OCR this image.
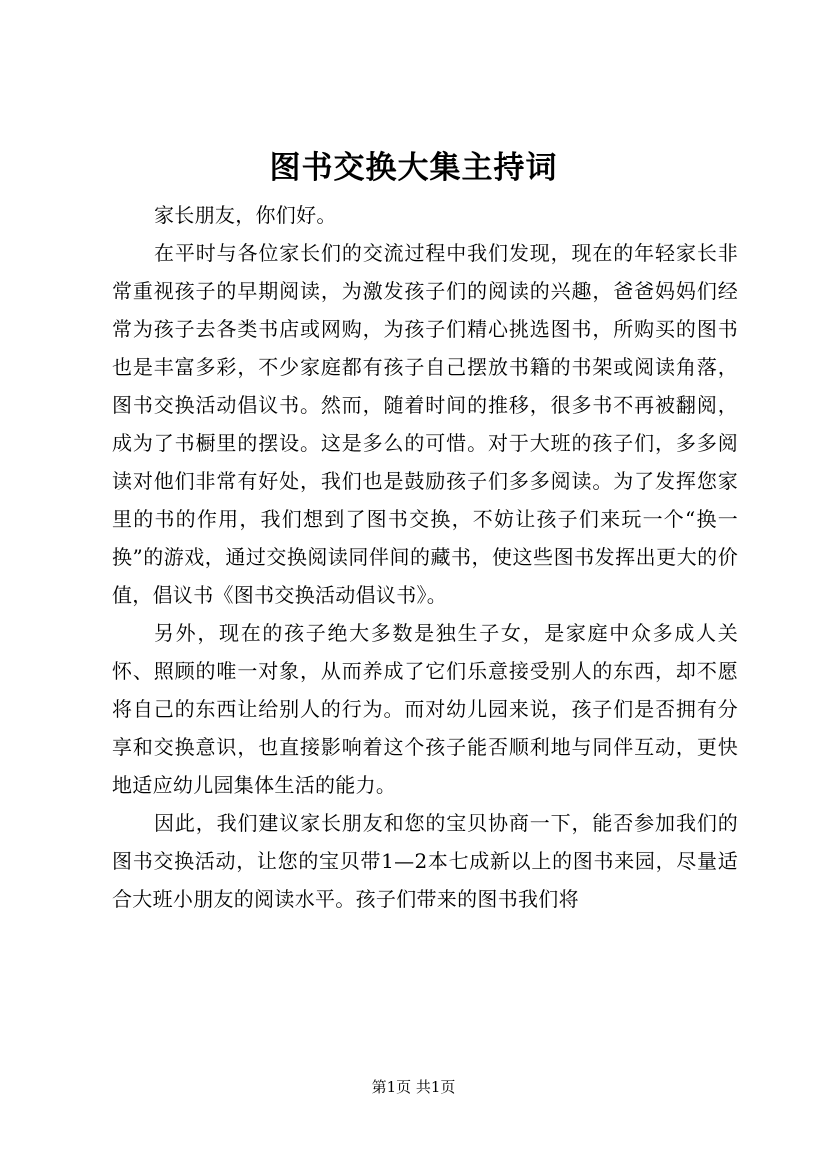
图书交换大集主持词

家长朋友，你们好。

在平时与各位家长们的交流过程中我们发现，现在的年轻家长非常重视孩子的早期阅读，为激发孩子们的阅读的兴趣，爸爸妈妈们经常为孩子去各类书店或网购，为孩子们精心挑选图书，所购买的图书也是丰富多彩，不少家庭都有孩子自己摆放书籍的书架或阅读角落，图书交换活动倡议书。然而，随着时间的推移，很多书不再被翻阅，成为了书橱里的摆设。这是多么的可惜。对于大班的孩子们，多多阅读对他们非常有好处，我们也是鼓励孩子们多多阅读。为了发挥您家里的书的作用，我们想到了图书交换，不妨让孩子们来玩一个“换一换”的游戏，通过交换阅读同伴间的藏书，使这些图书发挥出更大的价值，倡议书《图书交换活动倡议书》。

另外，现在的孩子绝大多数是独生子女，是家庭中众多成人关怀、照顾的唯一对象，从而养成了它们乐意接受别人的东西，却不愿将自己的东西让给别人的行为。而对幼儿园来说，孩子们是否拥有分享和交换意识，也直接影响着这个孩子能否顺利地与同伴互动，更快地适应幼儿园集体生活的能力。

因此，我们建议家长朋友和您的宝贝协商一下，能否参加我们的图书交换活动，让您的宝贝带1—2本七成新以上的图书来园，尽量适合大班小朋友的阅读水平。孩子们带来的图书我们将

第1页 共1页
